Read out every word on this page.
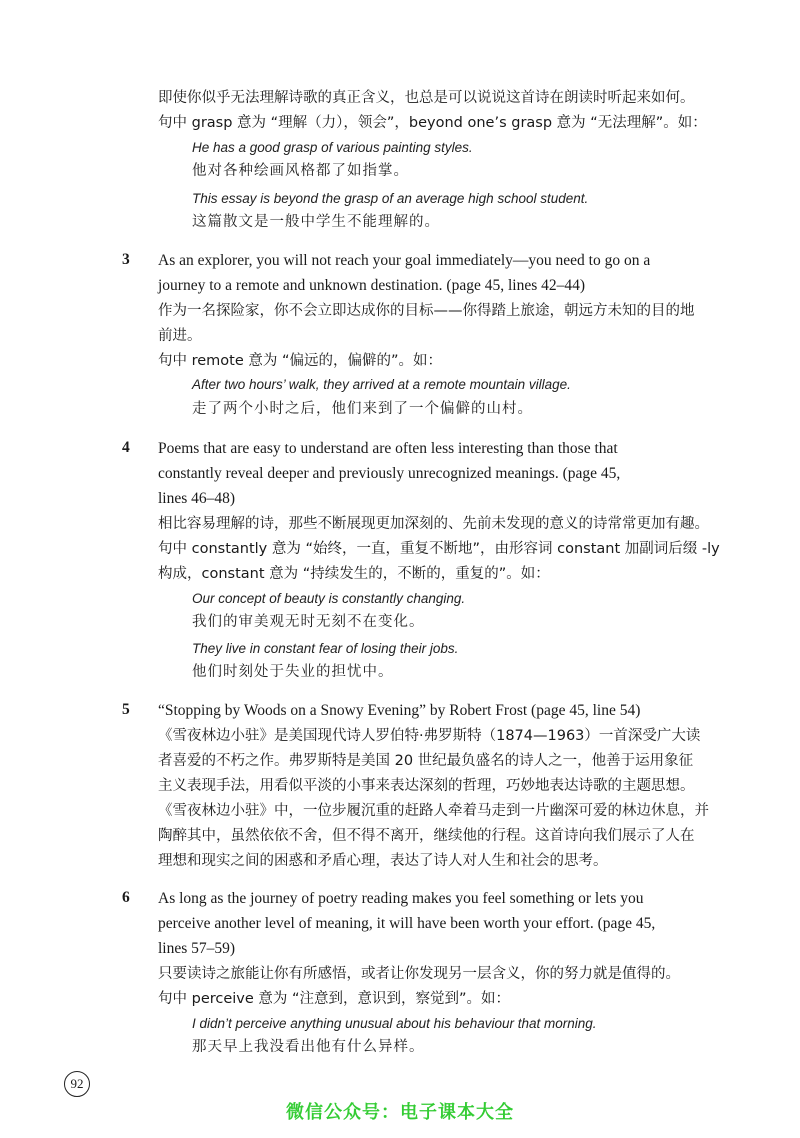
即使你似乎无法理解诗歌的真正含义，也总是可以说说这首诗在朗读时听起来如何。
句中 grasp 意为 “理解（力），领会”，beyond one’s grasp 意为 “无法理解”。如：
He has a good grasp of various painting styles.
他对各种绘画风格都了如指掌。
This essay is beyond the grasp of an average high school student.
这篇散文是一般中学生不能理解的。
3 As an explorer, you will not reach your goal immediately—you need to go on a
journey to a remote and unknown destination. (page 45, lines 42–44)
作为一名探险家，你不会立即达成你的目标——你得踏上旅途，朝远方未知的目的地
前进。
句中 remote 意为 “偏远的，偏僻的”。如：
After two hours’ walk, they arrived at a remote mountain village.
走了两个小时之后，他们来到了一个偏僻的山村。
4 Poems that are easy to understand are often less interesting than those that
constantly reveal deeper and previously unrecognized meanings. (page 45,
lines 46–48)
相比容易理解的诗，那些不断展现更加深刻的、先前未发现的意义的诗常常更加有趣。
句中 constantly 意为 “始终，一直，重复不断地”，由形容词 constant 加副词后缀 -ly
构成，constant 意为 “持续发生的，不断的，重复的”。如：
Our concept of beauty is constantly changing.
我们的审美观无时无刻不在变化。
They live in constant fear of losing their jobs.
他们时刻处于失业的担忧中。
5 “Stopping by Woods on a Snowy Evening” by Robert Frost (page 45, line 54)
《雪夜林边小驻》是美国现代诗人罗伯特·弗罗斯特（1874—1963）一首深受广大读
者喜爱的不朽之作。弗罗斯特是美国 20 世纪最负盛名的诗人之一，他善于运用象征
主义表现手法，用看似平淡的小事来表达深刻的哲理，巧妙地表达诗歌的主题思想。
《雪夜林边小驻》中，一位步履沉重的赶路人牵着马走到一片幽深可爱的林边休息，并
陶醉其中，虽然依依不舍，但不得不离开，继续他的行程。这首诗向我们展示了人在
理想和现实之间的困惑和矛盾心理，表达了诗人对人生和社会的思考。
6 As long as the journey of poetry reading makes you feel something or lets you
perceive another level of meaning, it will have been worth your effort. (page 45,
lines 57–59)
只要读诗之旅能让你有所感悟，或者让你发现另一层含义，你的努力就是值得的。
句中 perceive 意为 “注意到，意识到，察觉到”。如：
I didn’t perceive anything unusual about his behaviour that morning.
那天早上我没看出他有什么异样。
92
微信公众号：电子课本大全
